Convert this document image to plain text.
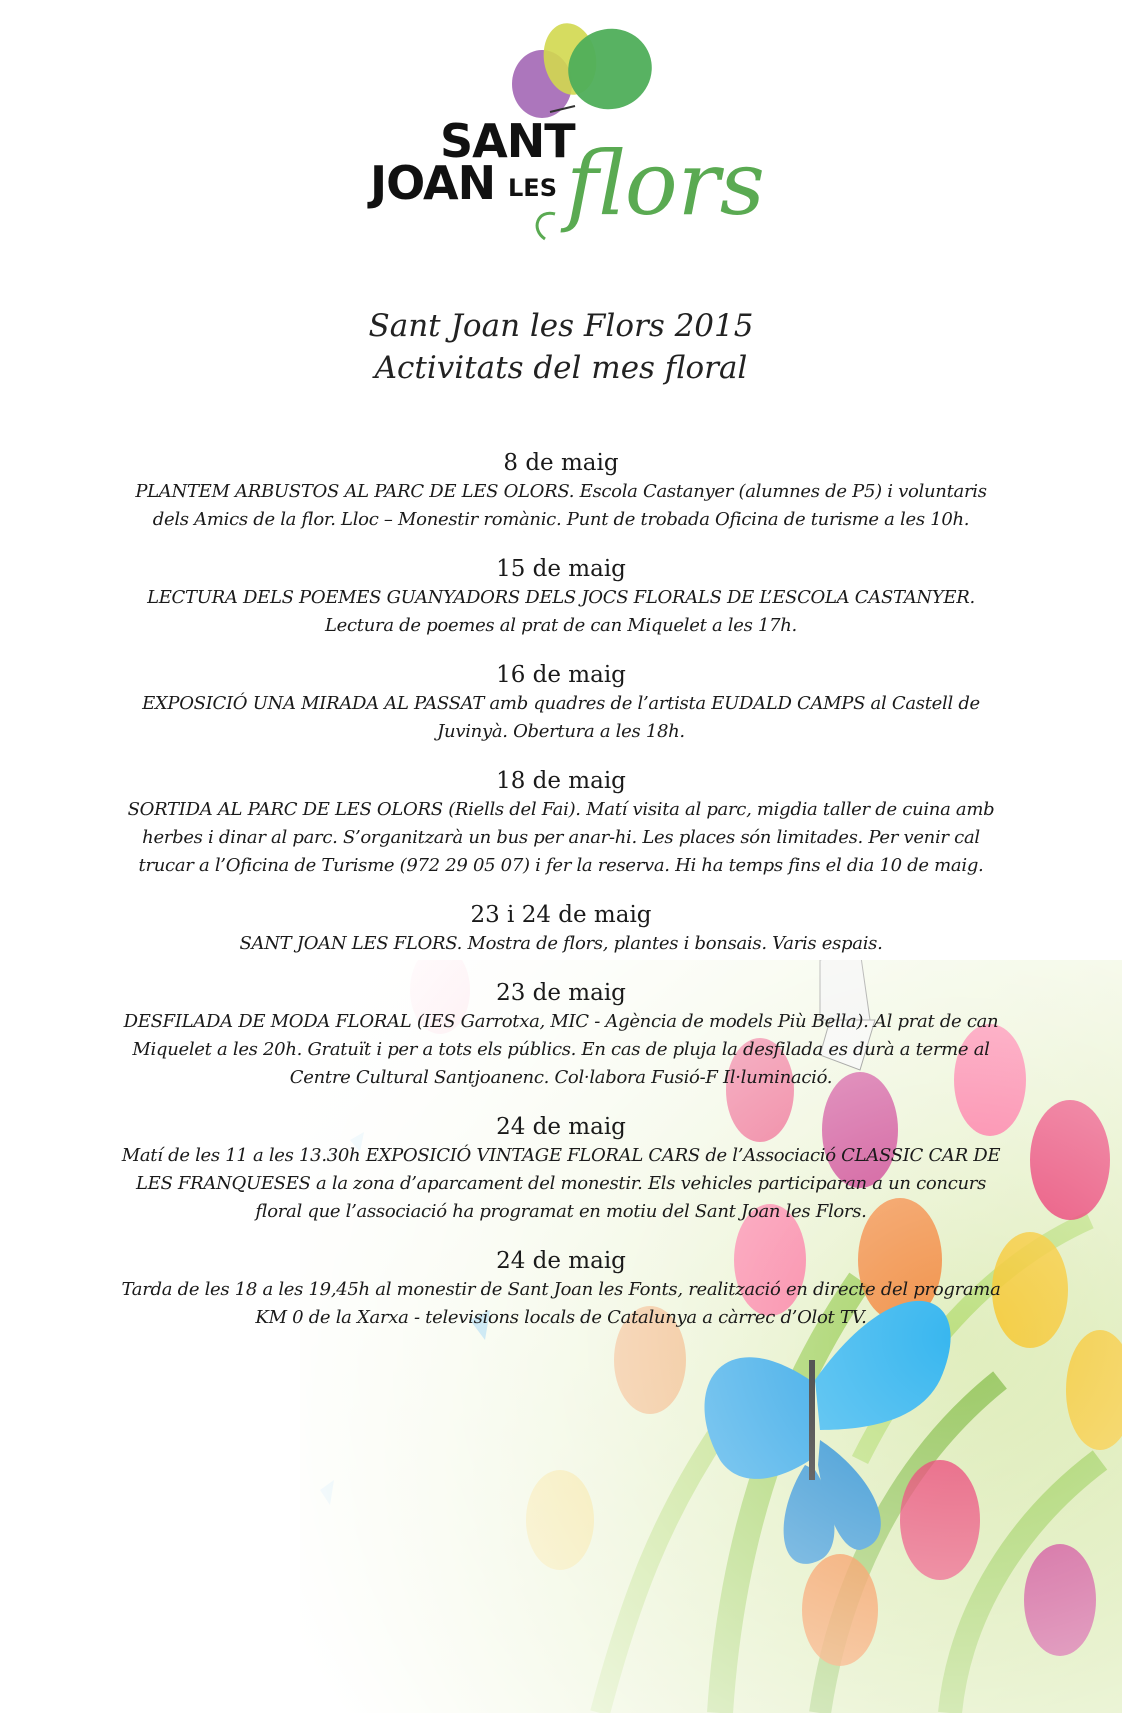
SANT
JOAN LES flors
Sant Joan les Flors 2015
Activitats del mes floral
8 de maig
PLANTEM ARBUSTOS AL PARC DE LES OLORS. Escola Castanyer (alumnes de P5) i voluntaris dels Amics de la flor. Lloc – Monestir romànic. Punt de trobada Oficina de turisme a les 10h.
15 de maig
LECTURA DELS POEMES GUANYADORS DELS JOCS FLORALS DE L’ESCOLA CASTANYER. Lectura de poemes al prat de can Miquelet a les 17h.
16 de maig
EXPOSICIÓ UNA MIRADA AL PASSAT amb quadres de l’artista EUDALD CAMPS al Castell de Juvinyà. Obertura a les 18h.
18 de maig
SORTIDA AL PARC DE LES OLORS (Riells del Fai). Matí visita al parc, migdia taller de cuina amb herbes i dinar al parc. S’organitzarà un bus per anar-hi. Les places són limitades. Per venir cal trucar a l’Oficina de Turisme (972 29 05 07) i fer la reserva. Hi ha temps fins el dia 10 de maig.
23 i 24 de maig
SANT JOAN LES FLORS. Mostra de flors, plantes i bonsais. Varis espais.
23 de maig
DESFILADA DE MODA FLORAL (IES Garrotxa, MIC - Agència de models Più Bella). Al prat de can Miquelet a les 20h. Gratuït i per a tots els públics. En cas de pluja la desfilada es durà a terme al Centre Cultural Santjoanenc. Col·labora Fusió-F Il·luminació.
24 de maig
Matí de les 11 a les 13.30h EXPOSICIÓ VINTAGE FLORAL CARS de l’Associació CLASSIC CAR DE LES FRANQUESES a la zona d’aparcament del monestir. Els vehicles participaran a un concurs floral que l’associació ha programat en motiu del Sant Joan les Flors.
24 de maig
Tarda de les 18 a les 19,45h al monestir de Sant Joan les Fonts, realització en directe del programa KM 0 de la Xarxa - televisions locals de Catalunya a càrrec d’Olot TV.
